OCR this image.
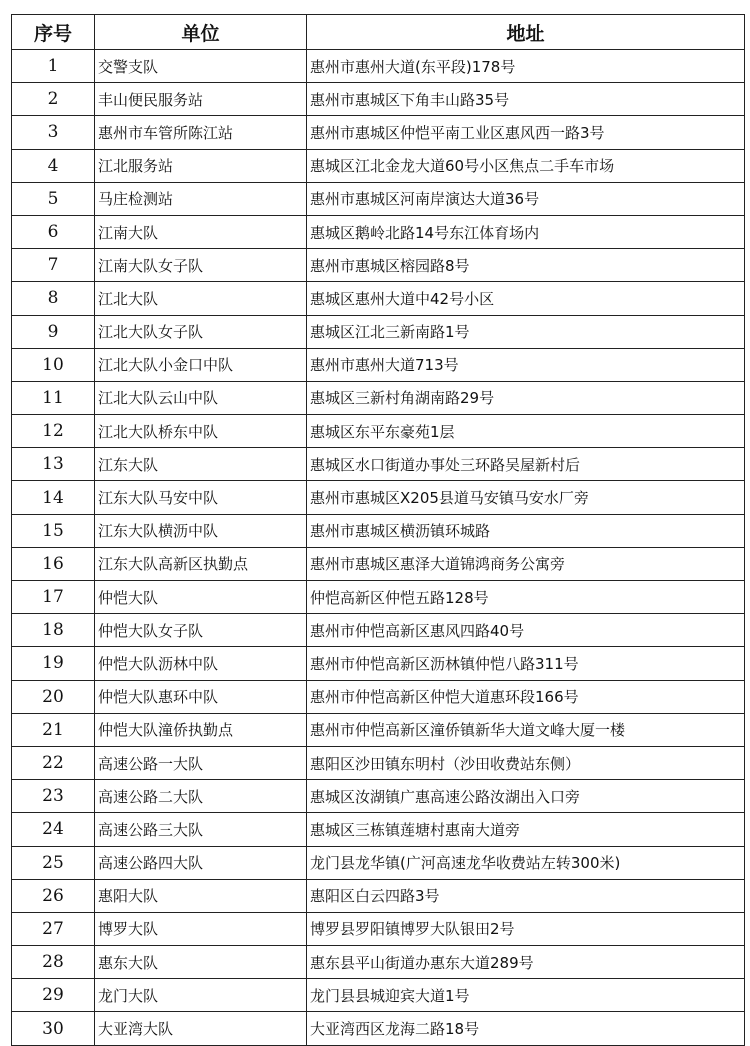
序号	单位	地址
1	交警支队	惠州市惠州大道(东平段)178号
2	丰山便民服务站	惠州市惠城区下角丰山路35号
3	惠州市车管所陈江站	惠州市惠城区仲恺平南工业区惠风西一路3号
4	江北服务站	惠城区江北金龙大道60号小区焦点二手车市场
5	马庄检测站	惠州市惠城区河南岸演达大道36号
6	江南大队	惠城区鹅岭北路14号东江体育场内
7	江南大队女子队	惠州市惠城区榕园路8号
8	江北大队	惠城区惠州大道中42号小区
9	江北大队女子队	惠城区江北三新南路1号
10	江北大队小金口中队	惠州市惠州大道713号
11	江北大队云山中队	惠城区三新村角湖南路29号
12	江北大队桥东中队	惠城区东平东豪苑1层
13	江东大队	惠城区水口街道办事处三环路吴屋新村后
14	江东大队马安中队	惠州市惠城区X205县道马安镇马安水厂旁
15	江东大队横沥中队	惠州市惠城区横沥镇环城路
16	江东大队高新区执勤点	惠州市惠城区惠泽大道锦鸿商务公寓旁
17	仲恺大队	仲恺高新区仲恺五路128号
18	仲恺大队女子队	惠州市仲恺高新区惠风四路40号
19	仲恺大队沥林中队	惠州市仲恺高新区沥林镇仲恺八路311号
20	仲恺大队惠环中队	惠州市仲恺高新区仲恺大道惠环段166号
21	仲恺大队潼侨执勤点	惠州市仲恺高新区潼侨镇新华大道文峰大厦一楼
22	高速公路一大队	惠阳区沙田镇东明村（沙田收费站东侧）
23	高速公路二大队	惠城区汝湖镇广惠高速公路汝湖出入口旁
24	高速公路三大队	惠城区三栋镇莲塘村惠南大道旁
25	高速公路四大队	龙门县龙华镇(广河高速龙华收费站左转300米)
26	惠阳大队	惠阳区白云四路3号
27	博罗大队	博罗县罗阳镇博罗大队银田2号
28	惠东大队	惠东县平山街道办惠东大道289号
29	龙门大队	龙门县县城迎宾大道1号
30	大亚湾大队	大亚湾西区龙海二路18号
